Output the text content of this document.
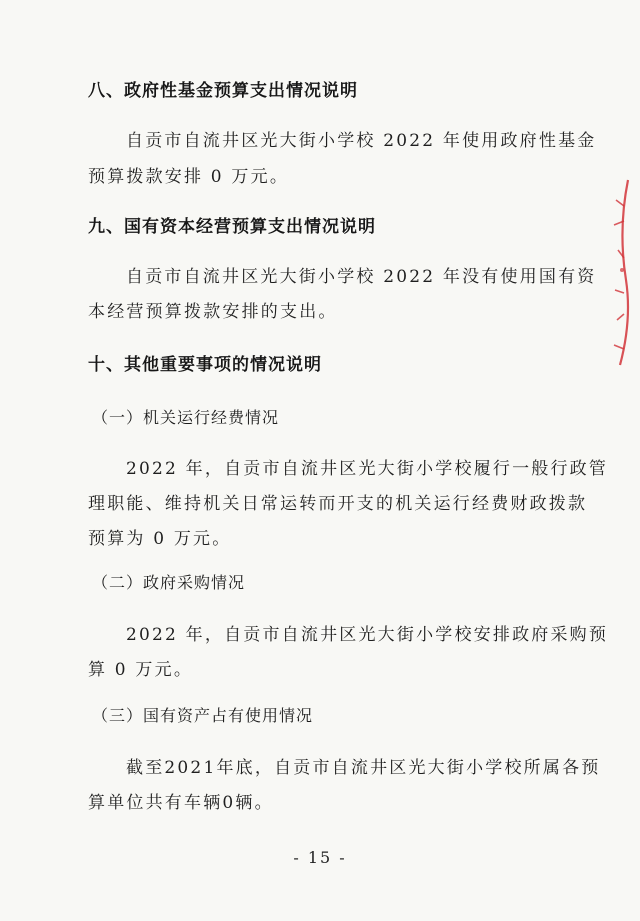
八、政府性基金预算支出情况说明
自贡市自流井区光大街小学校 2022 年使用政府性基金
预算拨款安排 0 万元。
九、国有资本经营预算支出情况说明
自贡市自流井区光大街小学校 2022 年没有使用国有资
本经营预算拨款安排的支出。
十、其他重要事项的情况说明
（一）机关运行经费情况
2022 年，自贡市自流井区光大街小学校履行一般行政管
理职能、维持机关日常运转而开支的机关运行经费财政拨款
预算为 0 万元。
（二）政府采购情况
2022 年，自贡市自流井区光大街小学校安排政府采购预
算 0 万元。
（三）国有资产占有使用情况
截至2021年底，自贡市自流井区光大街小学校所属各预
算单位共有车辆0辆。
- 15 -
